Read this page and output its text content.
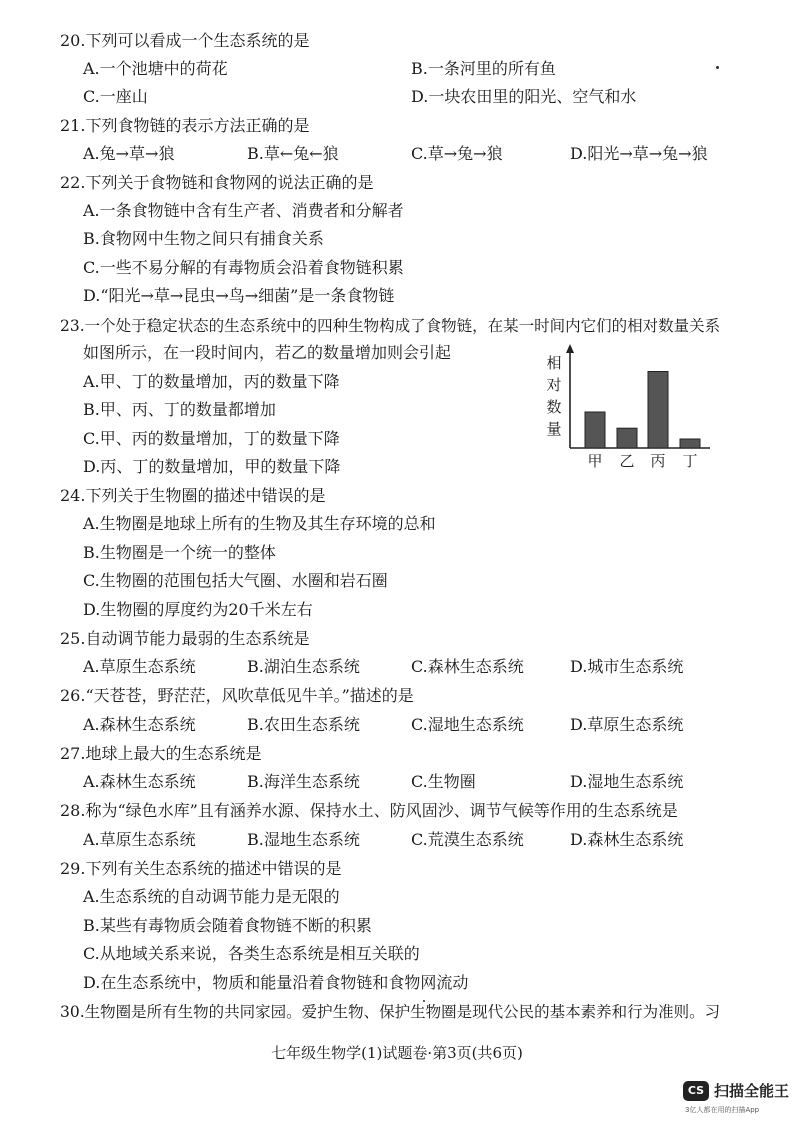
20.下列可以看成一个生态系统的是
A.一个池塘中的荷花	B.一条河里的所有鱼
C.一座山	D.一块农田里的阳光、空气和水
21.下列食物链的表示方法正确的是
A.兔→草→狼	B.草←兔←狼	C.草→兔→狼	D.阳光→草→兔→狼
22.下列关于食物链和食物网的说法正确的是
A.一条食物链中含有生产者、消费者和分解者
B.食物网中生物之间只有捕食关系
C.一些不易分解的有毒物质会沿着食物链积累
D.“阳光→草→昆虫→鸟→细菌”是一条食物链
23.一个处于稳定状态的生态系统中的四种生物构成了食物链，在某一时间内它们的相对数量关系
如图所示，在一段时间内，若乙的数量增加则会引起
A.甲、丁的数量增加，丙的数量下降
B.甲、丙、丁的数量都增加
C.甲、丙的数量增加，丁的数量下降
D.丙、丁的数量增加，甲的数量下降
相
对
数
量
甲 乙 丙 丁
24.下列关于生物圈的描述中错误的是
A.生物圈是地球上所有的生物及其生存环境的总和
B.生物圈是一个统一的整体
C.生物圈的范围包括大气圈、水圈和岩石圈
D.生物圈的厚度约为20千米左右
25.自动调节能力最弱的生态系统是
A.草原生态系统	B.湖泊生态系统	C.森林生态系统	D.城市生态系统
26.“天苍苍，野茫茫，风吹草低见牛羊。”描述的是
A.森林生态系统	B.农田生态系统	C.湿地生态系统	D.草原生态系统
27.地球上最大的生态系统是
A.森林生态系统	B.海洋生态系统	C.生物圈	D.湿地生态系统
28.称为“绿色水库”且有涵养水源、保持水土、防风固沙、调节气候等作用的生态系统是
A.草原生态系统	B.湿地生态系统	C.荒漠生态系统	D.森林生态系统
29.下列有关生态系统的描述中错误的是
A.生态系统的自动调节能力是无限的
B.某些有毒物质会随着食物链不断的积累
C.从地域关系来说，各类生态系统是相互关联的
D.在生态系统中，物质和能量沿着食物链和食物网流动
30.生物圈是所有生物的共同家园。爱护生物、保护生物圈是现代公民的基本素养和行为准则。习
七年级生物学(1)试题卷·第3页(共6页)
CS 扫描全能王
3亿人都在用的扫描App
